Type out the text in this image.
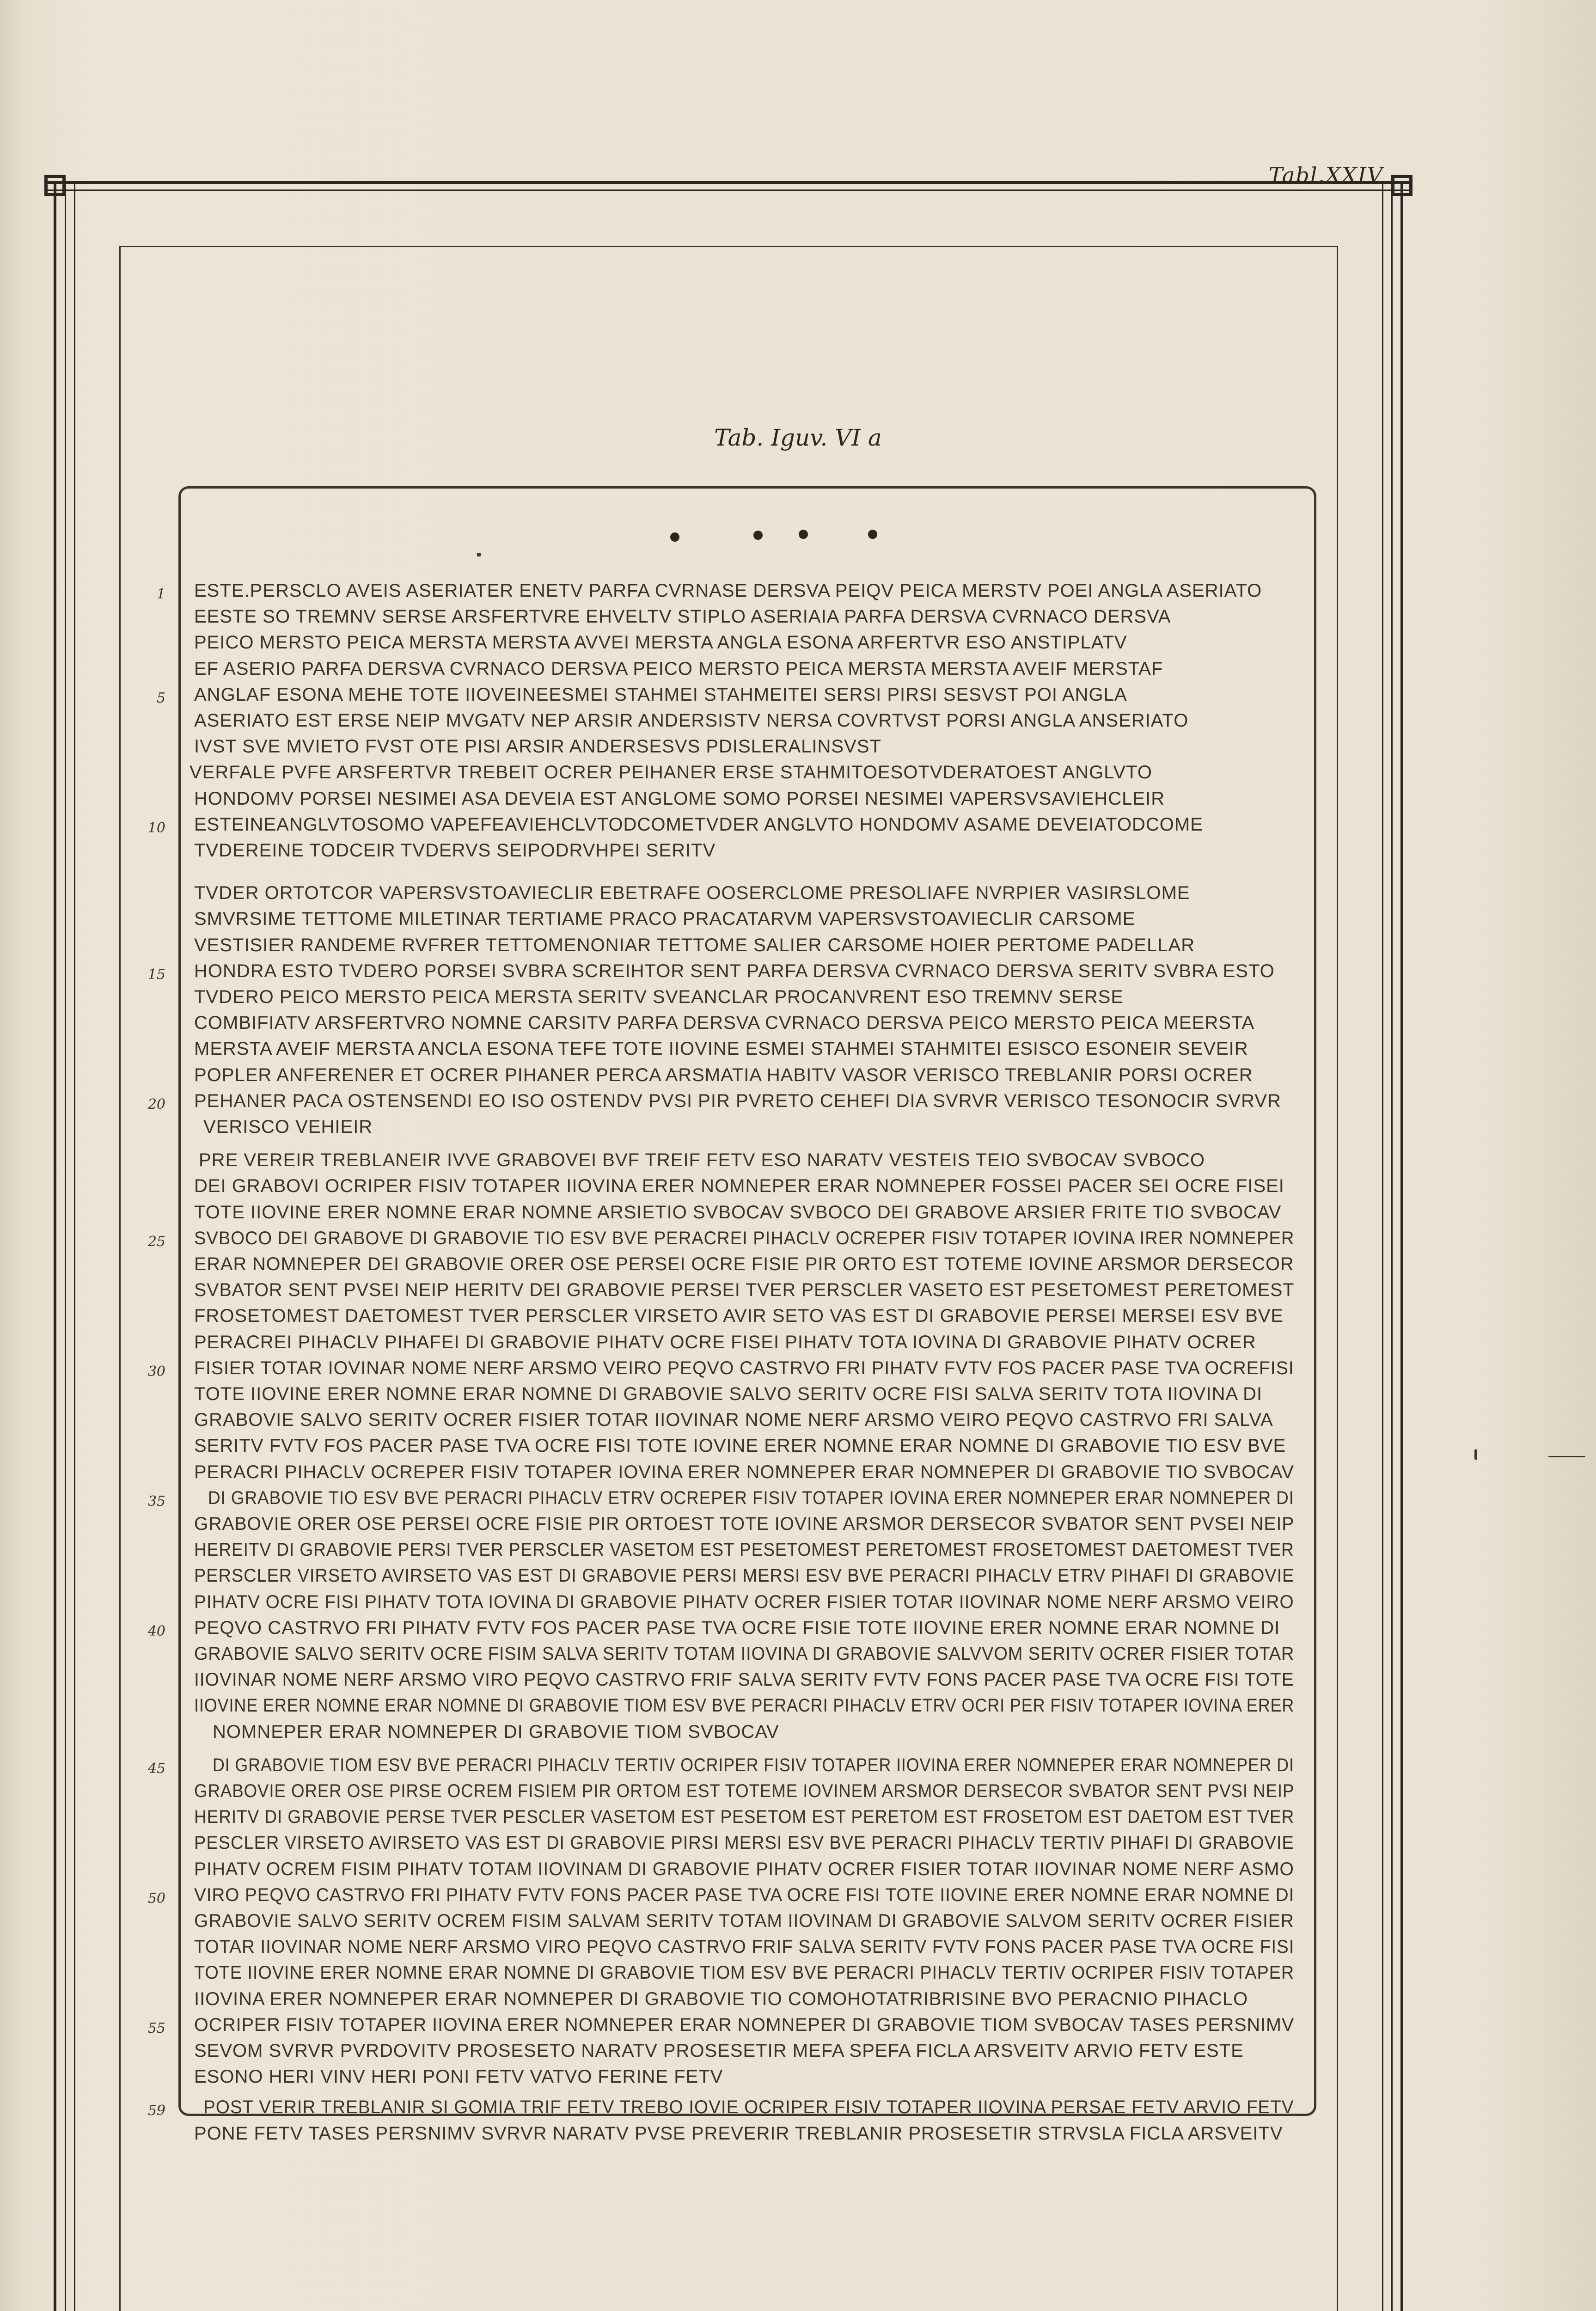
Tabl.XXIV
Tab. Iguv. VI a
ESTE.PERSCLO AVEIS ASERIATER ENETV PARFA CVRNASE DERSVA PEIQV PEICA MERSTV POEI ANGLA ASERIATO
EESTE SO TREMNV SERSE ARSFERTVRE EHVELTV STIPLO ASERIAIA PARFA DERSVA CVRNACO DERSVA
PEICO MERSTO PEICA MERSTA MERSTA AVVEI MERSTA ANGLA ESONA ARFERTVR ESO ANSTIPLATV
EF ASERIO PARFA DERSVA CVRNACO DERSVA PEICO MERSTO PEICA MERSTA MERSTA AVEIF MERSTAF
ANGLAF ESONA MEHE TOTE IIOVEINEESMEI STAHMEI STAHMEITEI SERSI PIRSI SESVST POI ANGLA
ASERIATO EST ERSE NEIP MVGATV NEP ARSIR ANDERSISTV NERSA COVRTVST PORSI ANGLA ANSERIATO
IVST SVE MVIETO FVST OTE PISI ARSIR ANDERSESVS PDISLERALINSVST
VERFALE PVFE ARSFERTVR TREBEIT OCRER PEIHANER ERSE STAHMITOESOTVDERATOEST ANGLVTO
HONDOMV PORSEI NESIMEI ASA DEVEIA EST ANGLOME SOMO PORSEI NESIMEI VAPERSVSAVIEHCLEIR
ESTEINEANGLVTOSOMO VAPEFEAVIEHCLVTODCOMETVDER ANGLVTO HONDOMV ASAME DEVEIATODCOME
TVDEREINE TODCEIR TVDERVS SEIPODRVHPEI SERITV
TVDER ORTOTCOR VAPERSVSTOAVIECLIR EBETRAFE OOSERCLOME PRESOLIAFE NVRPIER VASIRSLOME
SMVRSIME TETTOME MILETINAR TERTIAME PRACO PRACATARVM VAPERSVSTOAVIECLIR CARSOME
VESTISIER RANDEME RVFRER TETTOMENONIAR TETTOME SALIER CARSOME HOIER PERTOME PADELLAR
HONDRA ESTO TVDERO PORSEI SVBRA SCREIHTOR SENT PARFA DERSVA CVRNACO DERSVA SERITV SVBRA ESTO
TVDERO PEICO MERSTO PEICA MERSTA SERITV SVEANCLAR PROCANVRENT ESO TREMNV SERSE
COMBIFIATV ARSFERTVRO NOMNE CARSITV PARFA DERSVA CVRNACO DERSVA PEICO MERSTO PEICA MEERSTA
MERSTA AVEIF MERSTA ANCLA ESONA TEFE TOTE IIOVINE ESMEI STAHMEI STAHMITEI ESISCO ESONEIR SEVEIR
POPLER ANFERENER ET OCRER PIHANER PERCA ARSMATIA HABITV VASOR VERISCO TREBLANIR PORSI OCRER
PEHANER PACA OSTENSENDI EO ISO OSTENDV PVSI PIR PVRETO CEHEFI DIA SVRVR VERISCO TESONOCIR SVRVR
VERISCO VEHIEIR
PRE VEREIR TREBLANEIR IVVE GRABOVEI BVF TREIF FETV ESO NARATV VESTEIS TEIO SVBOCAV SVBOCO
DEI GRABOVI OCRIPER FISIV TOTAPER IIOVINA ERER NOMNEPER ERAR NOMNEPER FOSSEI PACER SEI OCRE FISEI
TOTE IIOVINE ERER NOMNE ERAR NOMNE ARSIETIO SVBOCAV SVBOCO DEI GRABOVE ARSIER FRITE TIO SVBOCAV
SVBOCO DEI GRABOVE DI GRABOVIE TIO ESV BVE PERACREI PIHACLV OCREPER FISIV TOTAPER IOVINA IRER NOMNEPER
ERAR NOMNEPER DEI GRABOVIE ORER OSE PERSEI OCRE FISIE PIR ORTO EST TOTEME IOVINE ARSMOR DERSECOR
SVBATOR SENT PVSEI NEIP HERITV DEI GRABOVIE PERSEI TVER PERSCLER VASETO EST PESETOMEST PERETOMEST
FROSETOMEST DAETOMEST TVER PERSCLER VIRSETO AVIR SETO VAS EST DI GRABOVIE PERSEI MERSEI ESV BVE
PERACREI PIHACLV PIHAFEI DI GRABOVIE PIHATV OCRE FISEI PIHATV TOTA IOVINA DI GRABOVIE PIHATV OCRER
FISIER TOTAR IOVINAR NOME NERF ARSMO VEIRO PEQVO CASTRVO FRI PIHATV FVTV FOS PACER PASE TVA OCREFISI
TOTE IIOVINE ERER NOMNE ERAR NOMNE DI GRABOVIE SALVO SERITV OCRE FISI SALVA SERITV TOTA IIOVINA DI
GRABOVIE SALVO SERITV OCRER FISIER TOTAR IIOVINAR NOME NERF ARSMO VEIRO PEQVO CASTRVO FRI SALVA
SERITV FVTV FOS PACER PASE TVA OCRE FISI TOTE IOVINE ERER NOMNE ERAR NOMNE DI GRABOVIE TIO ESV BVE
PERACRI PIHACLV OCREPER FISIV TOTAPER IOVINA ERER NOMNEPER ERAR NOMNEPER DI GRABOVIE TIO SVBOCAV
DI GRABOVIE TIO ESV BVE PERACRI PIHACLV ETRV OCREPER FISIV TOTAPER IOVINA ERER NOMNEPER ERAR NOMNEPER DI
GRABOVIE ORER OSE PERSEI OCRE FISIE PIR ORTOEST TOTE IOVINE ARSMOR DERSECOR SVBATOR SENT PVSEI NEIP
HEREITV DI GRABOVIE PERSI TVER PERSCLER VASETOM EST PESETOMEST PERETOMEST FROSETOMEST DAETOMEST TVER
PERSCLER VIRSETO AVIRSETO VAS EST DI GRABOVIE PERSI MERSI ESV BVE PERACRI PIHACLV ETRV PIHAFI DI GRABOVIE
PIHATV OCRE FISI PIHATV TOTA IOVINA DI GRABOVIE PIHATV OCRER FISIER TOTAR IIOVINAR NOME NERF ARSMO VEIRO
PEQVO CASTRVO FRI PIHATV FVTV FOS PACER PASE TVA OCRE FISIE TOTE IIOVINE ERER NOMNE ERAR NOMNE DI
GRABOVIE SALVO SERITV OCRE FISIM SALVA SERITV TOTAM IIOVINA DI GRABOVIE SALVVOM SERITV OCRER FISIER TOTAR
IIOVINAR NOME NERF ARSMO VIRO PEQVO CASTRVO FRIF SALVA SERITV FVTV FONS PACER PASE TVA OCRE FISI TOTE
IIOVINE ERER NOMNE ERAR NOMNE DI GRABOVIE TIOM ESV BVE PERACRI PIHACLV ETRV OCRI PER FISIV TOTAPER IOVINA ERER
NOMNEPER ERAR NOMNEPER DI GRABOVIE TIOM SVBOCAV
DI GRABOVIE TIOM ESV BVE PERACRI PIHACLV TERTIV OCRIPER FISIV TOTAPER IIOVINA ERER NOMNEPER ERAR NOMNEPER DI
GRABOVIE ORER OSE PIRSE OCREM FISIEM PIR ORTOM EST TOTEME IOVINEM ARSMOR DERSECOR SVBATOR SENT PVSI NEIP
HERITV DI GRABOVIE PERSE TVER PESCLER VASETOM EST PESETOM EST PERETOM EST FROSETOM EST DAETOM EST TVER
PESCLER VIRSETO AVIRSETO VAS EST DI GRABOVIE PIRSI MERSI ESV BVE PERACRI PIHACLV TERTIV PIHAFI DI GRABOVIE
PIHATV OCREM FISIM PIHATV TOTAM IIOVINAM DI GRABOVIE PIHATV OCRER FISIER TOTAR IIOVINAR NOME NERF ASMO
VIRO PEQVO CASTRVO FRI PIHATV FVTV FONS PACER PASE TVA OCRE FISI TOTE IIOVINE ERER NOMNE ERAR NOMNE DI
GRABOVIE SALVO SERITV OCREM FISIM SALVAM SERITV TOTAM IIOVINAM DI GRABOVIE SALVOM SERITV OCRER FISIER
TOTAR IIOVINAR NOME NERF ARSMO VIRO PEQVO CASTRVO FRIF SALVA SERITV FVTV FONS PACER PASE TVA OCRE FISI
TOTE IIOVINE ERER NOMNE ERAR NOMNE DI GRABOVIE TIOM ESV BVE PERACRI PIHACLV TERTIV OCRIPER FISIV TOTAPER
IIOVINA ERER NOMNEPER ERAR NOMNEPER DI GRABOVIE TIO COMOHOTATRIBRISINE BVO PERACNIO PIHACLO
OCRIPER FISIV TOTAPER IIOVINA ERER NOMNEPER ERAR NOMNEPER DI GRABOVIE TIOM SVBOCAV TASES PERSNIMV
SEVOM SVRVR PVRDOVITV PROSESETO NARATV PROSESETIR MEFA SPEFA FICLA ARSVEITV ARVIO FETV ESTE
ESONO HERI VINV HERI PONI FETV VATVO FERINE FETV
POST VERIR TREBLANIR SI GOMIA TRIF FETV TREBO IOVIE OCRIPER FISIV TOTAPER IIOVINA PERSAE FETV ARVIO FETV
PONE FETV TASES PERSNIMV SVRVR NARATV PVSE PREVERIR TREBLANIR PROSESETIR STRVSLA FICLA ARSVEITV
1
5
10
15
20
25
30
35
40
45
50
55
59
